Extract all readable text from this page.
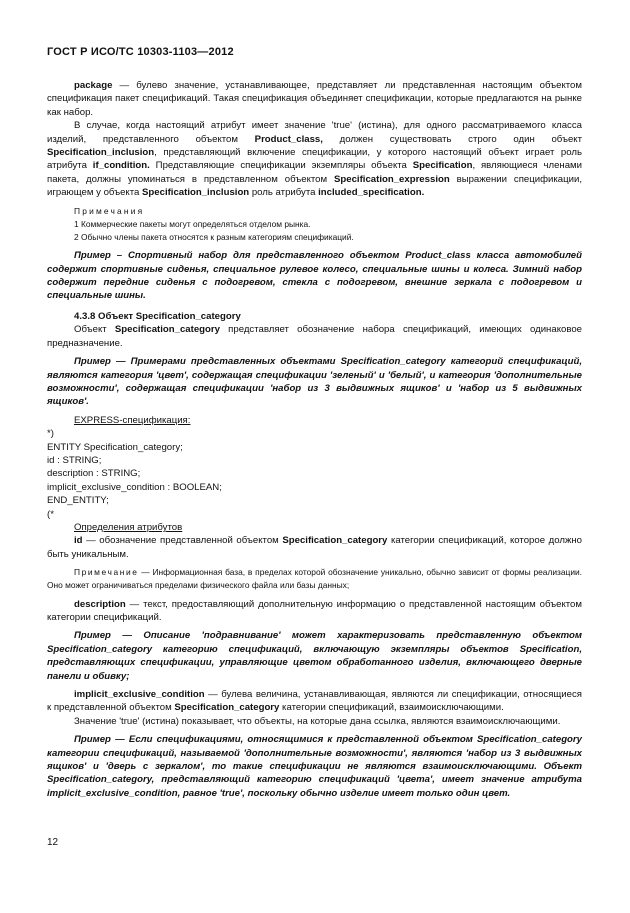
ГОСТ Р ИСО/ТС 10303-1103—2012

package — булево значение, устанавливающее, представляет ли представленная настоящим объектом спецификация пакет спецификаций. Такая спецификация объединяет спецификации, которые предлагаются на рынке как набор.

В случае, когда настоящий атрибут имеет значение 'true' (истина), для одного рассматриваемого класса изделий, представленного объектом Product_class, должен существовать строго один объект Specification_inclusion, представляющий включение спецификации, у которого настоящий объект играет роль атрибута if_condition. Представляющие спецификации экземпляры объекта Specification, являющиеся членами пакета, должны упоминаться в представленном объектом Specification_expression выражении спецификации, играющем у объекта Specification_inclusion роль атрибута included_specification.

Примечания

1 Коммерческие пакеты могут определяться отделом рынка.

2 Обычно члены пакета относятся к разным категориям спецификаций.

Пример – Спортивный набор для представленного объектом Product_class класса автомобилей содержит спортивные сиденья, специальное рулевое колесо, специальные шины и колеса. Зимний набор содержит передние сиденья с подогревом, стекла с подогревом, внешние зеркала с подогревом и специальные шины.

4.3.8 Объект Specification_category

Объект Specification_category представляет обозначение набора спецификаций, имеющих одинаковое предназначение.

Пример — Примерами представленных объектами Specification_category категорий спецификаций, являются категория 'цвет', содержащая спецификации 'зеленый' и 'белый', и категория 'дополнительные возможности', содержащая спецификации 'набор из 3 выдвижных ящиков' и 'набор из 5 выдвижных ящиков'.

EXPRESS-спецификация:

*)

ENTITY Specification_category;

id : STRING;

description : STRING;

implicit_exclusive_condition : BOOLEAN;

END_ENTITY;

(*

Определения атрибутов

id — обозначение представленной объектом Specification_category категории спецификаций, которое должно быть уникальным.

Примечание — Информационная база, в пределах которой обозначение уникально, обычно зависит от формы реализации. Оно может ограничиваться пределами физического файла или базы данных;

description — текст, предоставляющий дополнительную информацию о представленной настоящим объектом категории спецификаций.

Пример — Описание 'подравнивание' может характеризовать представленную объектом Specification_category категорию спецификаций, включающую экземпляры объектов Specification, представляющих спецификации, управляющие цветом обработанного изделия, включающего дверные панели и обивку;

implicit_exclusive_condition — булева величина, устанавливающая, являются ли спецификации, относящиеся к представленной объектом Specification_category категории спецификаций, взаимоисключающими.

Значение 'true' (истина) показывает, что объекты, на которые дана ссылка, являются взаимоисключающими.

Пример — Если спецификациями, относящимися к представленной объектом Specification_category категории спецификаций, называемой 'дополнительные возможности', являются 'набор из 3 выдвижных ящиков' и 'дверь с зеркалом', то такие спецификации не являются взаимоисключающими. Объект Specification_category, представляющий категорию спецификаций 'цвета', имеет значение атрибута implicit_exclusive_condition, равное 'true', поскольку обычно изделие имеет только один цвет.

12
